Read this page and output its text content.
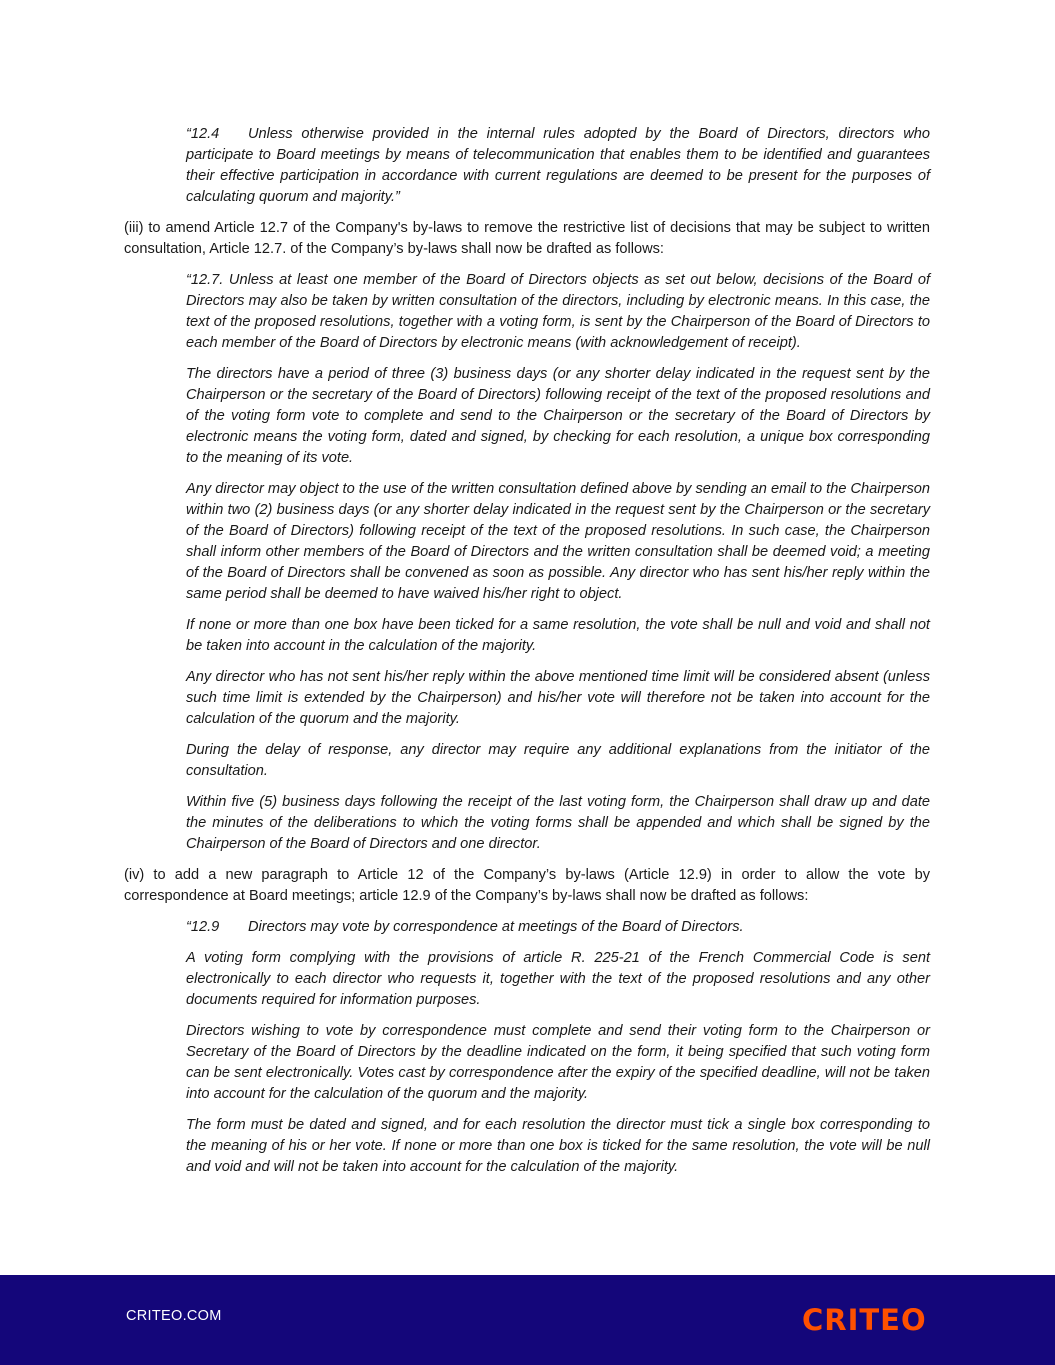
“12.4 Unless otherwise provided in the internal rules adopted by the Board of Directors, directors who participate to Board meetings by means of telecommunication that enables them to be identified and guarantees their effective participation in accordance with current regulations are deemed to be present for the purposes of calculating quorum and majority.”

(iii) to amend Article 12.7 of the Company's by-laws to remove the restrictive list of decisions that may be subject to written consultation, Article 12.7. of the Company’s by-laws shall now be drafted as follows:

“12.7. Unless at least one member of the Board of Directors objects as set out below, decisions of the Board of Directors may also be taken by written consultation of the directors, including by electronic means. In this case, the text of the proposed resolutions, together with a voting form, is sent by the Chairperson of the Board of Directors to each member of the Board of Directors by electronic means (with acknowledgement of receipt).

The directors have a period of three (3) business days (or any shorter delay indicated in the request sent by the Chairperson or the secretary of the Board of Directors) following receipt of the text of the proposed resolutions and of the voting form vote to complete and send to the Chairperson or the secretary of the Board of Directors by electronic means the voting form, dated and signed, by checking for each resolution, a unique box corresponding to the meaning of its vote.

Any director may object to the use of the written consultation defined above by sending an email to the Chairperson within two (2) business days (or any shorter delay indicated in the request sent by the Chairperson or the secretary of the Board of Directors) following receipt of the text of the proposed resolutions. In such case, the Chairperson shall inform other members of the Board of Directors and the written consultation shall be deemed void; a meeting of the Board of Directors shall be convened as soon as possible. Any director who has sent his/her reply within the same period shall be deemed to have waived his/her right to object.

If none or more than one box have been ticked for a same resolution, the vote shall be null and void and shall not be taken into account in the calculation of the majority.

Any director who has not sent his/her reply within the above mentioned time limit will be considered absent (unless such time limit is extended by the Chairperson) and his/her vote will therefore not be taken into account for the calculation of the quorum and the majority.

During the delay of response, any director may require any additional explanations from the initiator of the consultation.

Within five (5) business days following the receipt of the last voting form, the Chairperson shall draw up and date the minutes of the deliberations to which the voting forms shall be appended and which shall be signed by the Chairperson of the Board of Directors and one director.

(iv) to add a new paragraph to Article 12 of the Company’s by-laws (Article 12.9) in order to allow the vote by correspondence at Board meetings; article 12.9 of the Company’s by-laws shall now be drafted as follows:

“12.9 Directors may vote by correspondence at meetings of the Board of Directors.

A voting form complying with the provisions of article R. 225-21 of the French Commercial Code is sent electronically to each director who requests it, together with the text of the proposed resolutions and any other documents required for information purposes.

Directors wishing to vote by correspondence must complete and send their voting form to the Chairperson or Secretary of the Board of Directors by the deadline indicated on the form, it being specified that such voting form can be sent electronically. Votes cast by correspondence after the expiry of the specified deadline, will not be taken into account for the calculation of the quorum and the majority.

The form must be dated and signed, and for each resolution the director must tick a single box corresponding to the meaning of his or her vote. If none or more than one box is ticked for the same resolution, the vote will be null and void and will not be taken into account for the calculation of the majority.

CRITEO.COM	CRITEO
